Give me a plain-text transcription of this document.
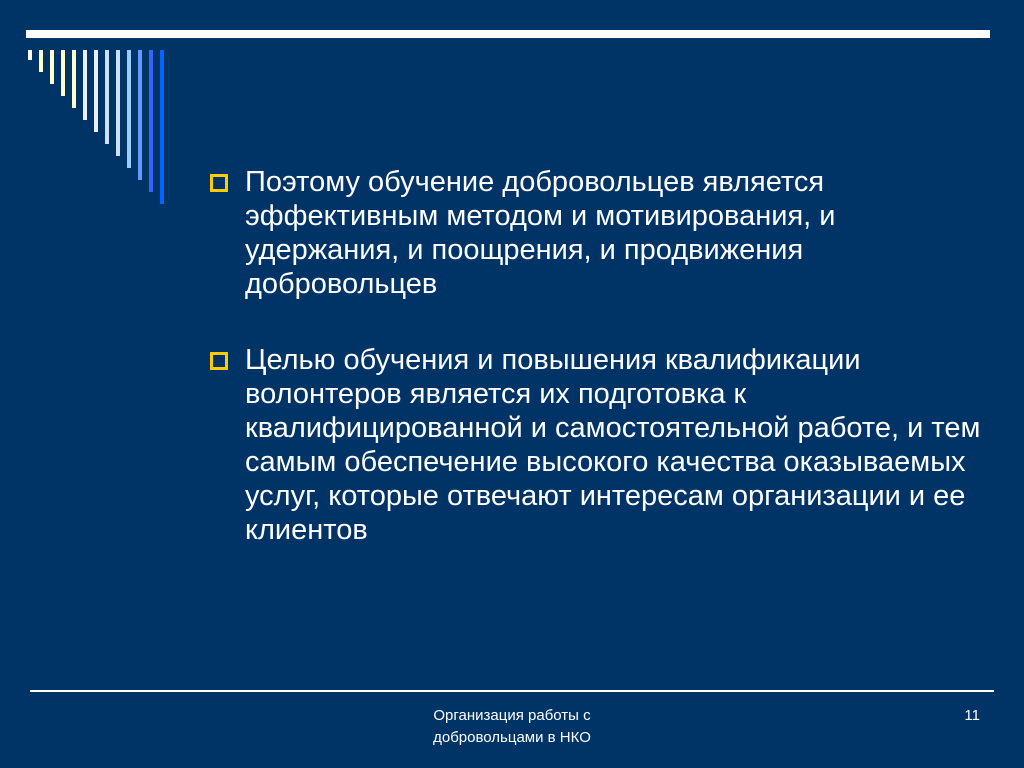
Поэтому обучение добровольцев является эффективным методом и мотивирования, и удержания, и поощрения, и продвижения добровольцев
Целью обучения и повышения квалификации волонтеров является их подготовка к квалифицированной и самостоятельной работе, и тем самым обеспечение высокого качества оказываемых услуг, которые отвечают интересам организации и ее клиентов
Организация работы с
добровольцами в НКО
11
